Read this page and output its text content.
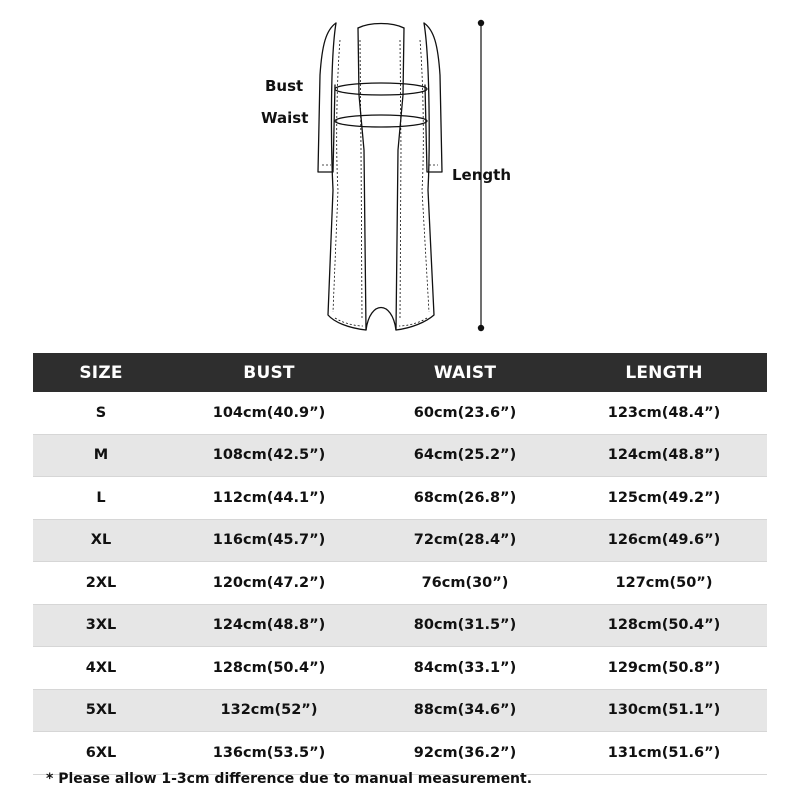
Bust
Waist
Length
SIZE	BUST	WAIST	LENGTH
S	104cm(40.9”)	60cm(23.6”)	123cm(48.4”)
M	108cm(42.5”)	64cm(25.2”)	124cm(48.8”)
L	112cm(44.1”)	68cm(26.8”)	125cm(49.2”)
XL	116cm(45.7”)	72cm(28.4”)	126cm(49.6”)
2XL	120cm(47.2”)	76cm(30”)	127cm(50”)
3XL	124cm(48.8”)	80cm(31.5”)	128cm(50.4”)
4XL	128cm(50.4”)	84cm(33.1”)	129cm(50.8”)
5XL	132cm(52”)	88cm(34.6”)	130cm(51.1”)
6XL	136cm(53.5”)	92cm(36.2”)	131cm(51.6”)
* Please allow 1-3cm difference due to manual measurement.
